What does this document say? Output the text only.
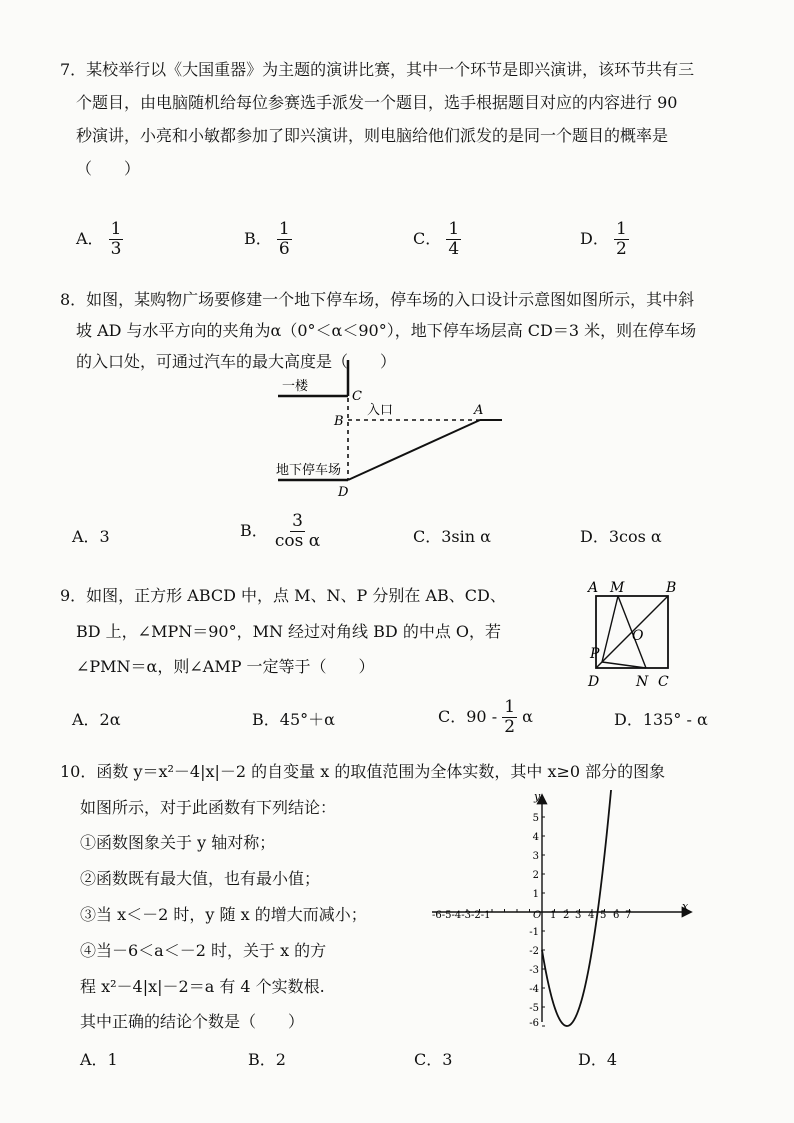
7．某校举行以《大国重器》为主题的演讲比赛，其中一个环节是即兴演讲，该环节共有三
个题目，由电脑随机给每位参赛选手派发一个题目，选手根据题目对应的内容进行 90
秒演讲，小亮和小敏都参加了即兴演讲，则电脑给他们派发的是同一个题目的概率是
（　　）
A． $\frac{1}{3}$	B． $\frac{1}{6}$	C． $\frac{1}{4}$	D． $\frac{1}{2}$
8．如图，某购物广场要修建一个地下停车场，停车场的入口设计示意图如图所示，其中斜
坡 AD 与水平方向的夹角为α（0°＜α＜90°），地下停车场层高 CD＝3 米，则在停车场
的入口处，可通过汽车的最大高度是（　　）
一楼
C
入口	A
B
地下停车场
D
A．3	B． $\frac{3}{\text{cos α}}$	C．3sin α	D．3cos α
9．如图，正方形 ABCD 中，点 M、N、P 分别在 AB、CD、
BD 上，∠MPN＝90°，MN 经过对角线 BD 的中点 O，若
∠PMN＝α，则∠AMP 一定等于（　　）
A M	B
O
P
D	N C
A．2α	B．45°＋α	C．$90 - \frac{1}{2}$ α	D．135° - α
10．函数 y＝x²－4|x|－2 的自变量 x 的取值范围为全体实数，其中 x≥0 部分的图象
如图所示，对于此函数有下列结论：
①函数图象关于 y 轴对称；
②函数既有最大值，也有最小值；
③当 x＜－2 时，y 随 x 的增大而减小；
④当－6＜a＜－2 时，关于 x 的方
程 x²－4|x|－2＝a 有 4 个实数根.
其中正确的结论个数是（　　）
A．1	B．2	C．3	D．4
-6-5-4-3-2-1	1 2 3 4 5 6 7
O
x
y
5
4
3
2
1
-1
-2
-3
-4
-5
-6
